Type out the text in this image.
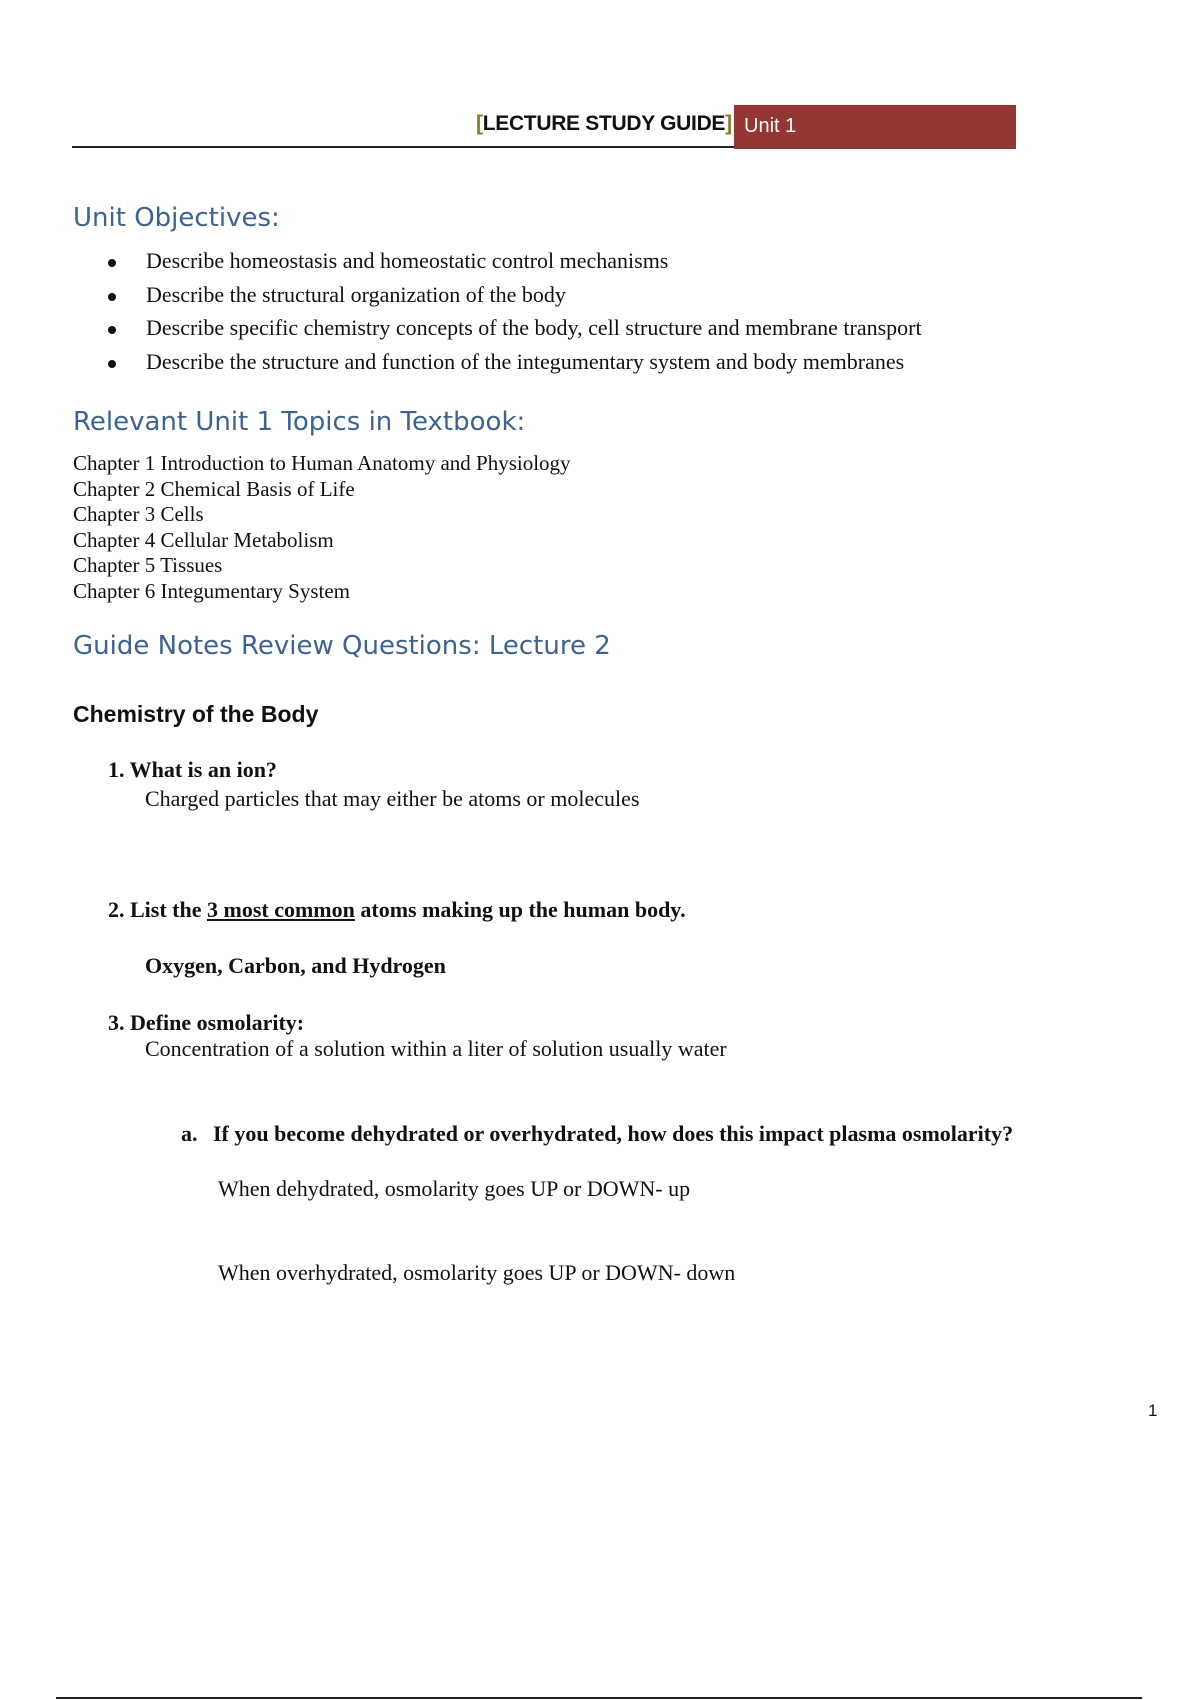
[LECTURE STUDY GUIDE] Unit 1
Unit Objectives:
Describe homeostasis and homeostatic control mechanisms
Describe the structural organization of the body
Describe specific chemistry concepts of the body, cell structure and membrane transport
Describe the structure and function of the integumentary system and body membranes
Relevant Unit 1 Topics in Textbook:
Chapter 1 Introduction to Human Anatomy and Physiology
Chapter 2 Chemical Basis of Life
Chapter 3 Cells
Chapter 4 Cellular Metabolism
Chapter 5 Tissues
Chapter 6 Integumentary System
Guide Notes Review Questions: Lecture 2
Chemistry of the Body
1. What is an ion?
Charged particles that may either be atoms or molecules
2. List the 3 most common atoms making up the human body.
Oxygen, Carbon, and Hydrogen
3. Define osmolarity:
Concentration of a solution within a liter of solution usually water
a. If you become dehydrated or overhydrated, how does this impact plasma osmolarity?
When dehydrated, osmolarity goes UP or DOWN- up
When overhydrated, osmolarity goes UP or DOWN- down
1
